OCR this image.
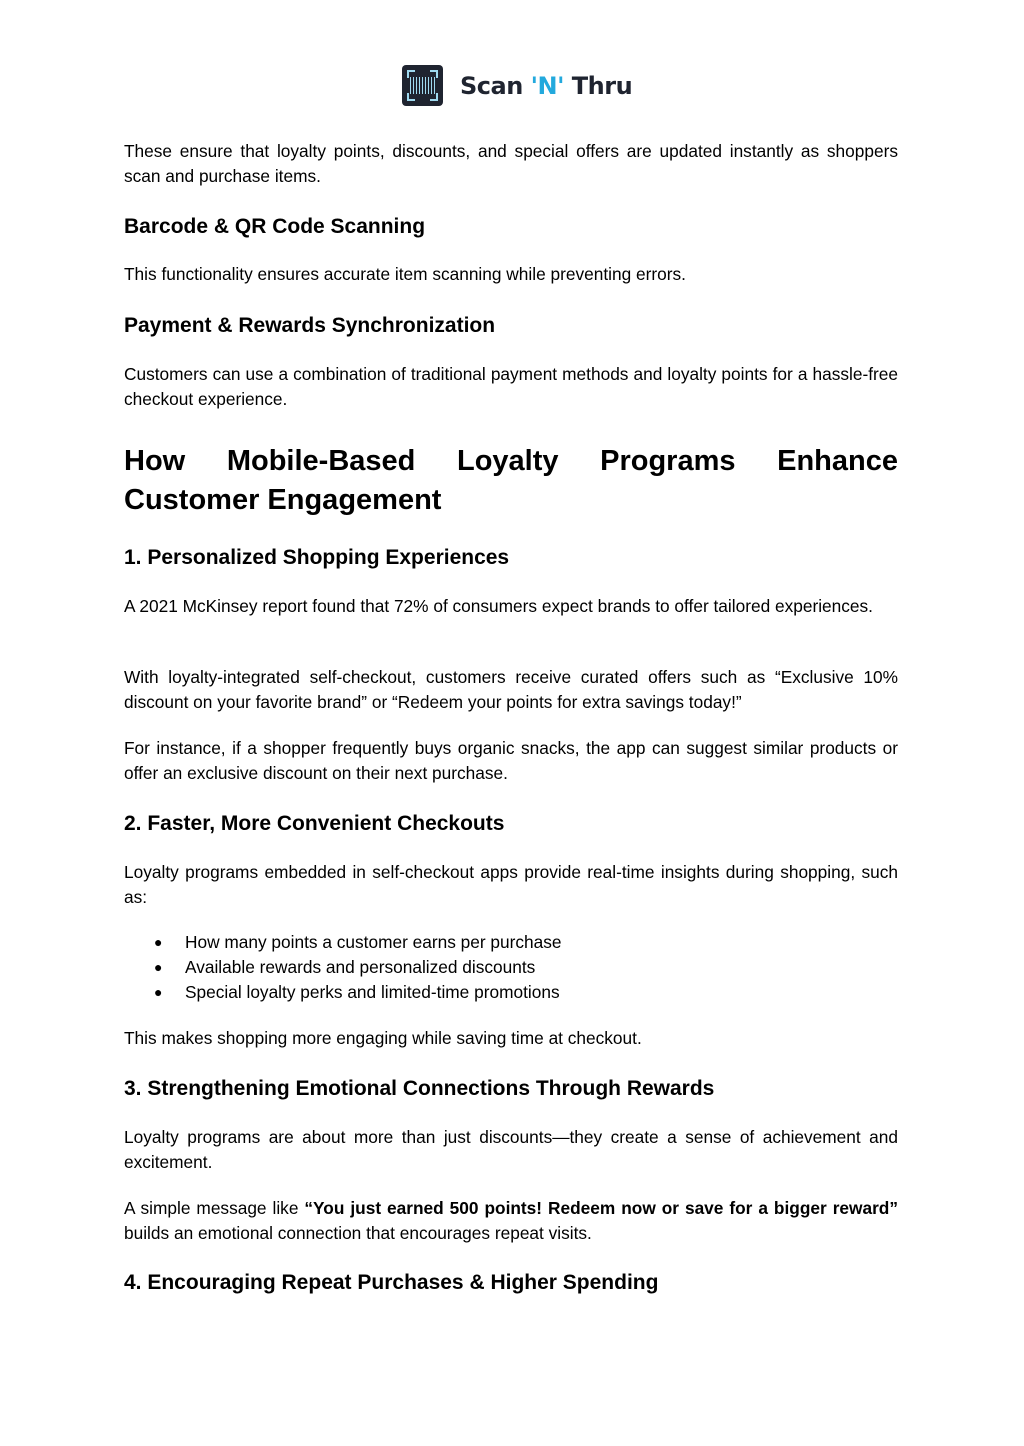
Scan 'N' Thru

These ensure that loyalty points, discounts, and special offers are updated instantly as shoppers scan and purchase items.

Barcode & QR Code Scanning

This functionality ensures accurate item scanning while preventing errors.

Payment & Rewards Synchronization

Customers can use a combination of traditional payment methods and loyalty points for a hassle-free checkout experience.

How Mobile-Based Loyalty Programs Enhance Customer Engagement
1. Personalized Shopping Experiences

A 2021 McKinsey report found that 72% of consumers expect brands to offer tailored experiences.

With loyalty-integrated self-checkout, customers receive curated offers such as “Exclusive 10% discount on your favorite brand” or “Redeem your points for extra savings today!”

For instance, if a shopper frequently buys organic snacks, the app can suggest similar products or offer an exclusive discount on their next purchase.

2. Faster, More Convenient Checkouts

Loyalty programs embedded in self-checkout apps provide real-time insights during shopping, such as:

● How many points a customer earns per purchase
● Available rewards and personalized discounts
● Special loyalty perks and limited-time promotions

This makes shopping more engaging while saving time at checkout.

3. Strengthening Emotional Connections Through Rewards

Loyalty programs are about more than just discounts—they create a sense of achievement and excitement.

A simple message like “You just earned 500 points! Redeem now or save for a bigger reward” builds an emotional connection that encourages repeat visits.

4. Encouraging Repeat Purchases & Higher Spending
